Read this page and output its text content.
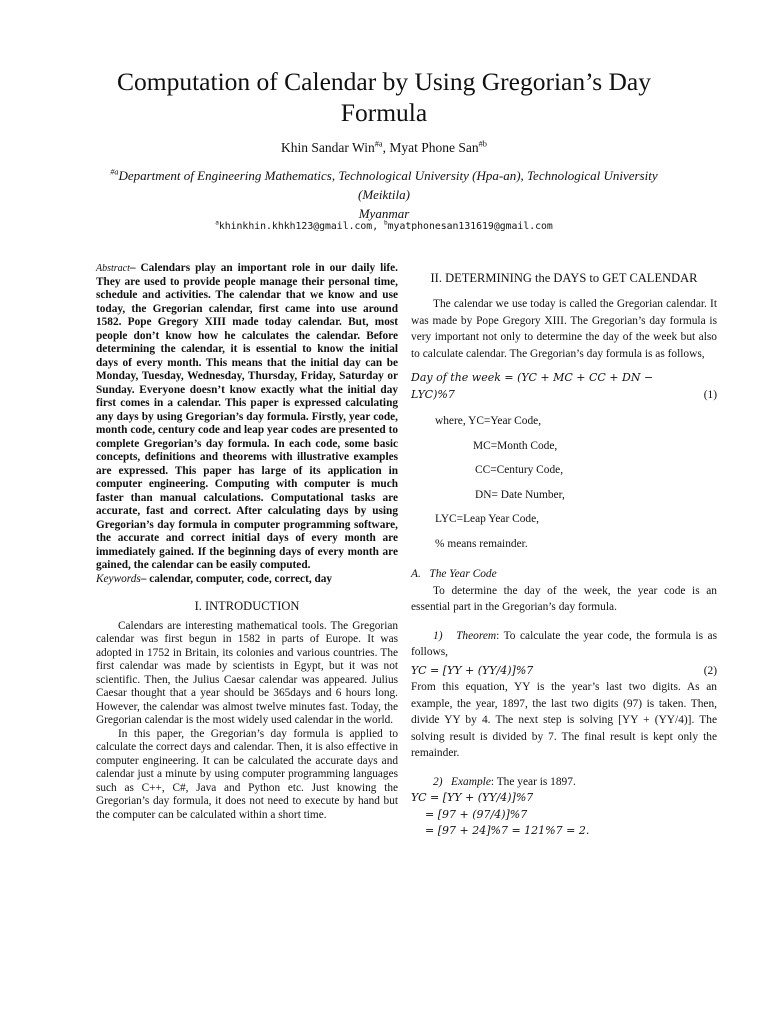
Computation of Calendar by Using Gregorian’s Day
Formula
Khin Sandar Win$^{\#a}$, Myat Phone San$^{\#b}$
$^{\#a}$Department of Engineering Mathematics, Technological University (Hpa-an), Technological University
(Meiktila)
Myanmar
$^a$khinkhin.khkh123@gmail.com, $^b$myatphonesan131619@gmail.com

Abstract– Calendars play an important role in our daily life. They are used to provide people manage their personal time, schedule and activities. The calendar that we know and use today, the Gregorian calendar, first came into use around 1582. Pope Gregory XIII made today calendar. But, most people don’t know how he calculates the calendar. Before determining the calendar, it is essential to know the initial days of every month. This means that the initial day can be Monday, Tuesday, Wednesday, Thursday, Friday, Saturday or Sunday. Everyone doesn’t know exactly what the initial day first comes in a calendar. This paper is expressed calculating any days by using Gregorian’s day formula. Firstly, year code, month code, century code and leap year codes are presented to complete Gregorian’s day formula. In each code, some basic concepts, definitions and theorems with illustrative examples are expressed. This paper has large of its application in computer engineering. Computing with computer is much faster than manual calculations. Computational tasks are accurate, fast and correct. After calculating days by using Gregorian’s day formula in computer programming software, the accurate and correct initial days of every month are immediately gained. If the beginning days of every month are gained, the calendar can be easily computed.

Keywords– calendar, computer, code, correct, day

I. INTRODUCTION

Calendars are interesting mathematical tools. The Gregorian calendar was first begun in 1582 in parts of Europe. It was adopted in 1752 in Britain, its colonies and various countries. The first calendar was made by scientists in Egypt, but it was not scientific. Then, the Julius Caesar calendar was appeared. Julius Caesar thought that a year should be 365days and 6 hours long. However, the calendar was almost twelve minutes fast. Today, the Gregorian calendar is the most widely used calendar in the world.

In this paper, the Gregorian’s day formula is applied to calculate the correct days and calendar. Then, it is also effective in computer engineering. It can be calculated the accurate days and calendar just a minute by using computer programming languages such as C++, C#, Java and Python etc. Just knowing the Gregorian’s day formula, it does not need to execute by hand but the computer can be calculated within a short time.

II. DETERMINING the DAYS to GET CALENDAR

The calendar we use today is called the Gregorian calendar. It was made by Pope Gregory XIII. The Gregorian’s day formula is very important not only to determine the day of the week but also to calculate calendar. The Gregorian’s day formula is as follows,

Day of the week = (YC + MC + CC + DN −
LYC)%7	(1)
where, YC=Year Code,
MC=Month Code,
CC=Century Code,
DN= Date Number,
LYC=Leap Year Code,
% means remainder.
A. The Year Code

To determine the day of the week, the year code is an essential part in the Gregorian’s day formula.

1) Theorem: To calculate the year code, the formula is as follows,

YC = [YY + (YY/4)]%7	(2)

From this equation, YY is the year’s last two digits. As an example, the year, 1897, the last two digits (97) is taken. Then, divide YY by 4. The next step is solving [YY + (YY/4)]. The solving result is divided by 7. The final result is kept only the remainder.

2) Example: The year is 1897.

YC = [YY + (YY/4)]%7
= [97 + (97/4)]%7
= [97 + 24]%7 = 121%7 = 2.
